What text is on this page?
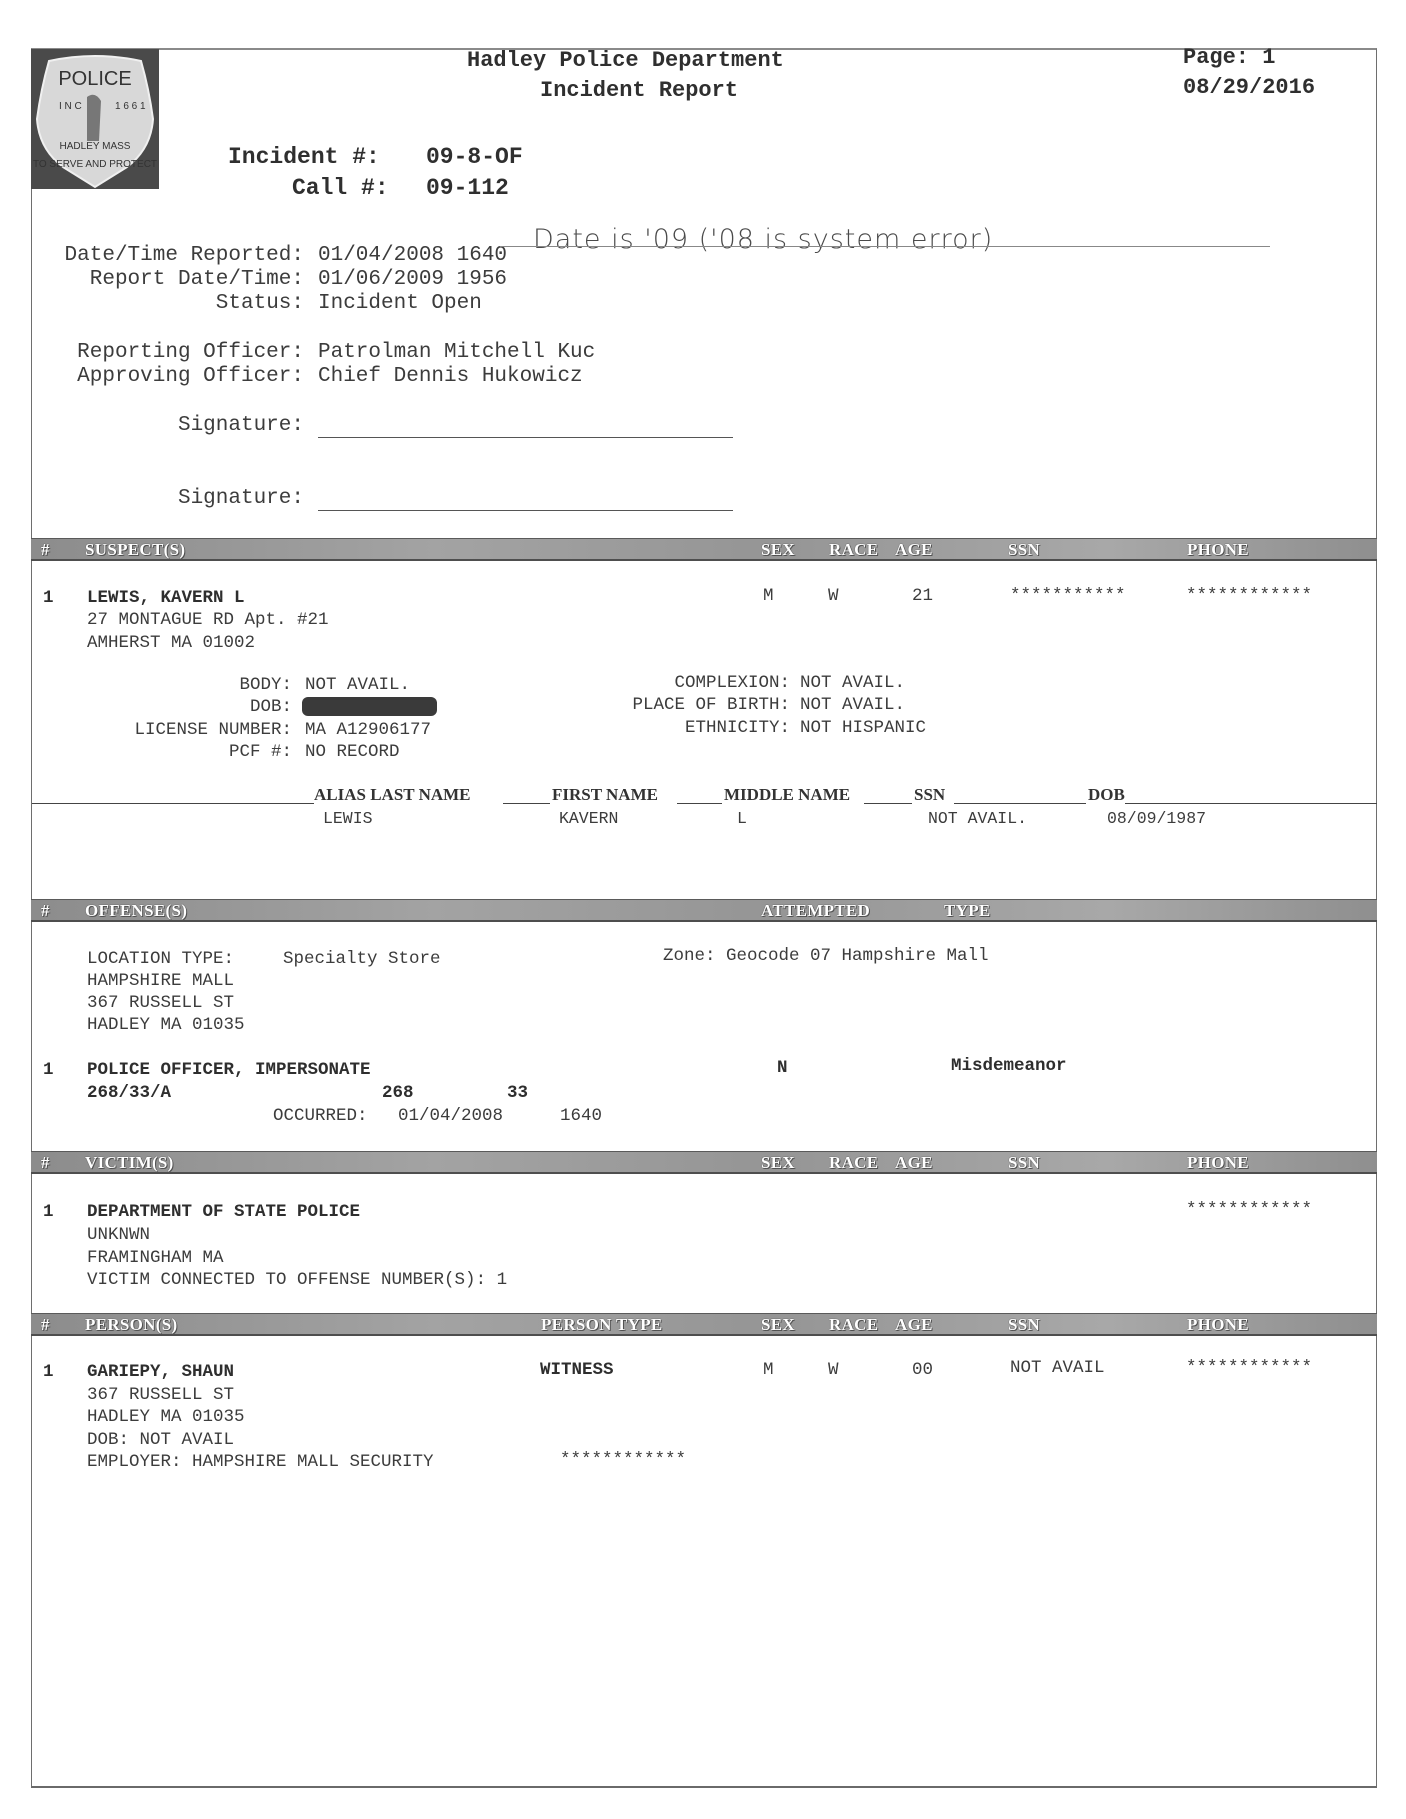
POLICE
I N C	1 6 6 1
HADLEY MASS
TO SERVE AND PROTECT
Hadley Police Department
Incident Report
Page: 1
08/29/2016
Incident #: 09-8-OF
Call #: 09-112
Date/Time Reported: 01/04/2008 1640
Date is '09 ('08 is system error)
Report Date/Time: 01/06/2009 1956
Status: Incident Open
Reporting Officer: Patrolman Mitchell Kuc
Approving Officer: Chief Dennis Hukowicz
Signature:
Signature:
# SUSPECT(S)	SEX RACE AGE	SSN	PHONE
1 LEWIS, KAVERN L
27 MONTAGUE RD Apt. #21
AMHERST MA 01002
M	W	21	***********	************
BODY: NOT AVAIL.
DOB:
LICENSE NUMBER: MA A12906177
PCF #: NO RECORD
COMPLEXION: NOT AVAIL.
PLACE OF BIRTH: NOT AVAIL.
ETHNICITY: NOT HISPANIC
ALIAS LAST NAME	FIRST NAME	MIDDLE NAME	SSN	DOB
LEWIS	KAVERN	L	NOT AVAIL.	08/09/1987
# OFFENSE(S)	ATTEMPTED	TYPE
LOCATION TYPE:	Specialty Store	Zone: Geocode 07 Hampshire Mall
HAMPSHIRE MALL
367 RUSSELL ST
HADLEY MA 01035
1 POLICE OFFICER, IMPERSONATE
268/33/A	268	33
OCCURRED: 01/04/2008	1640
N	Misdemeanor
# VICTIM(S)	SEX RACE AGE	SSN	PHONE
1 DEPARTMENT OF STATE POLICE
UNKNWN
FRAMINGHAM MA
VICTIM CONNECTED TO OFFENSE NUMBER(S): 1
************
# PERSON(S)	PERSON TYPE	SEX RACE AGE	SSN	PHONE
1 GARIEPY, SHAUN	WITNESS	M	W	00	NOT AVAIL	************
367 RUSSELL ST
HADLEY MA 01035
DOB: NOT AVAIL
EMPLOYER: HAMPSHIRE MALL SECURITY	************
